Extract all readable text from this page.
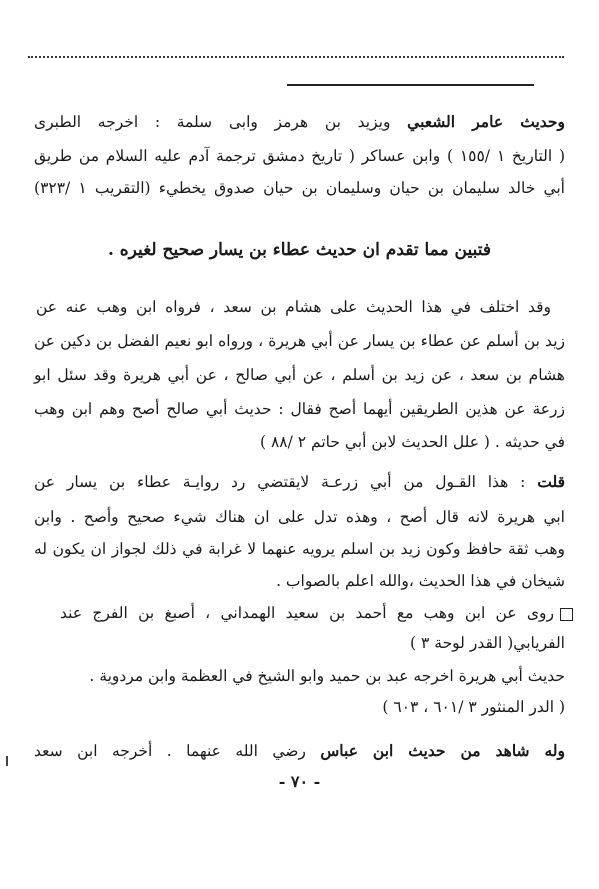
وحديث عامر الشعبي ويزيد بن هرمز وابى سلمة : اخرجه الطبرى
( التاريخ ١ /١٥٥ ) وابن عساكر ( تاريخ دمشق ترجمة آدم عليه السلام من طريق
أبي خالد سليمان بن حيان وسليمان بن حيان صدوق يخطيء (التقريب ١ /٣٢٣)
فتبين مما تقدم ان حديث عطاء بن يسار صحيح لغيره .
وقد اختلف في هذا الحديث على هشام بن سعد ، فرواه ابن وهب عنه عن
زيد بن أسلم عن عطاء بن يسار عن أبي هريرة ، ورواه ابو نعيم الفضل بن دكين عن
هشام بن سعد ، عن زيد بن أسلم ، عن أبي صالح ، عن أبي هريرة وقد سئل ابو
زرعة عن هذين الطريقين أيهما أصح فقال : حديث أبي صالح أصح وهم ابن وهب
في حديثه . ( علل الحديث لابن أبي حاتم ٢ /٨٨ )
قلت : هذا القـول من أبي زرعـة لايقتضي رد روايـة عطاء بن يسار عن
ابي هريرة لانه قال أصح ، وهذه تدل على ان هناك شيء صحيح وأصح . وابن
وهب ثقة حافظ وكون زيد بن اسلم يرويه عنهما لا غرابة في ذلك لجواز ان يكون له
شيخان في هذا الحديث ،والله اعلم بالصواب .
روى عن ابن وهب مع أحمد بن سعيد الهمداني ، أصبغ بن الفرج عند
الفريابي( القدر لوحة ٣ )
حديث أبي هريرة اخرجه عبد بن حميد وابو الشيخ في العظمة وابن مردوية .
( الدر المنثور ٣ /٦٠١ ، ٦٠٣ )
وله شاهد من حديث ابن عباس رضي الله عنهما . أخرجه ابن سعد
- ٧٠ -
